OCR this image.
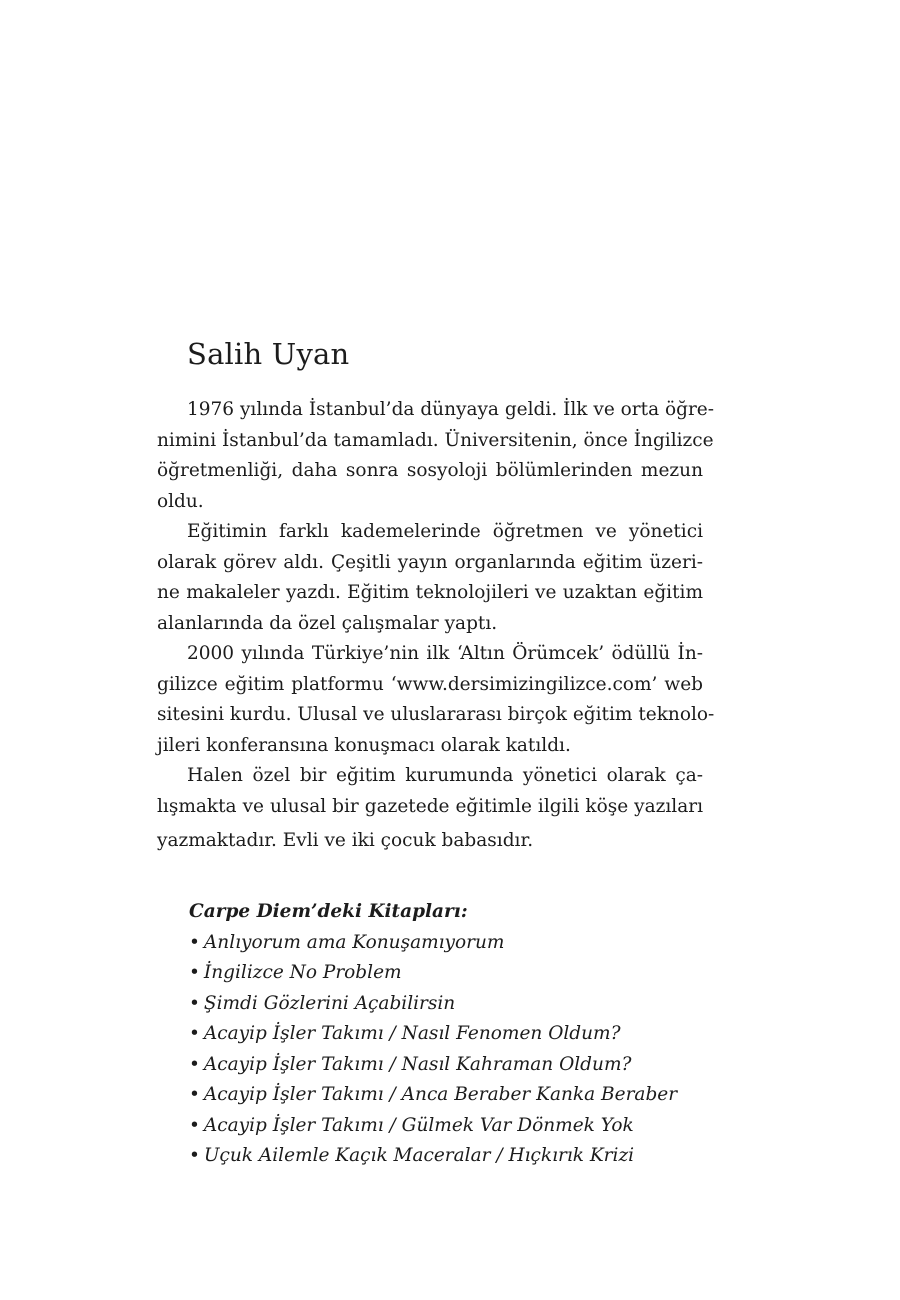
Salih Uyan
1976 yılında İstanbul’da dünyaya geldi. İlk ve orta öğre-
nimini İstanbul’da tamamladı. Üniversitenin, önce İngilizce
öğretmenliği, daha sonra sosyoloji bölümlerinden mezun
oldu.
Eğitimin farklı kademelerinde öğretmen ve yönetici
olarak görev aldı. Çeşitli yayın organlarında eğitim üzeri-
ne makaleler yazdı. Eğitim teknolojileri ve uzaktan eğitim
alanlarında da özel çalışmalar yaptı.
2000 yılında Türkiye’nin ilk ‘Altın Örümcek’ ödüllü İn-
gilizce eğitim platformu ‘www.dersimizingilizce.com’ web
sitesini kurdu. Ulusal ve uluslararası birçok eğitim teknolo-
jileri konferansına konuşmacı olarak katıldı.
Halen özel bir eğitim kurumunda yönetici olarak ça-
lışmakta ve ulusal bir gazetede eğitimle ilgili köşe yazıları
yazmaktadır. Evli ve iki çocuk babasıdır.
Carpe Diem’deki Kitapları:
• Anlıyorum ama Konuşamıyorum
• İngilizce No Problem
• Şimdi Gözlerini Açabilirsin
• Acayip İşler Takımı / Nasıl Fenomen Oldum?
• Acayip İşler Takımı / Nasıl Kahraman Oldum?
• Acayip İşler Takımı / Anca Beraber Kanka Beraber
• Acayip İşler Takımı / Gülmek Var Dönmek Yok
• Uçuk Ailemle Kaçık Maceralar / Hıçkırık Krizi
